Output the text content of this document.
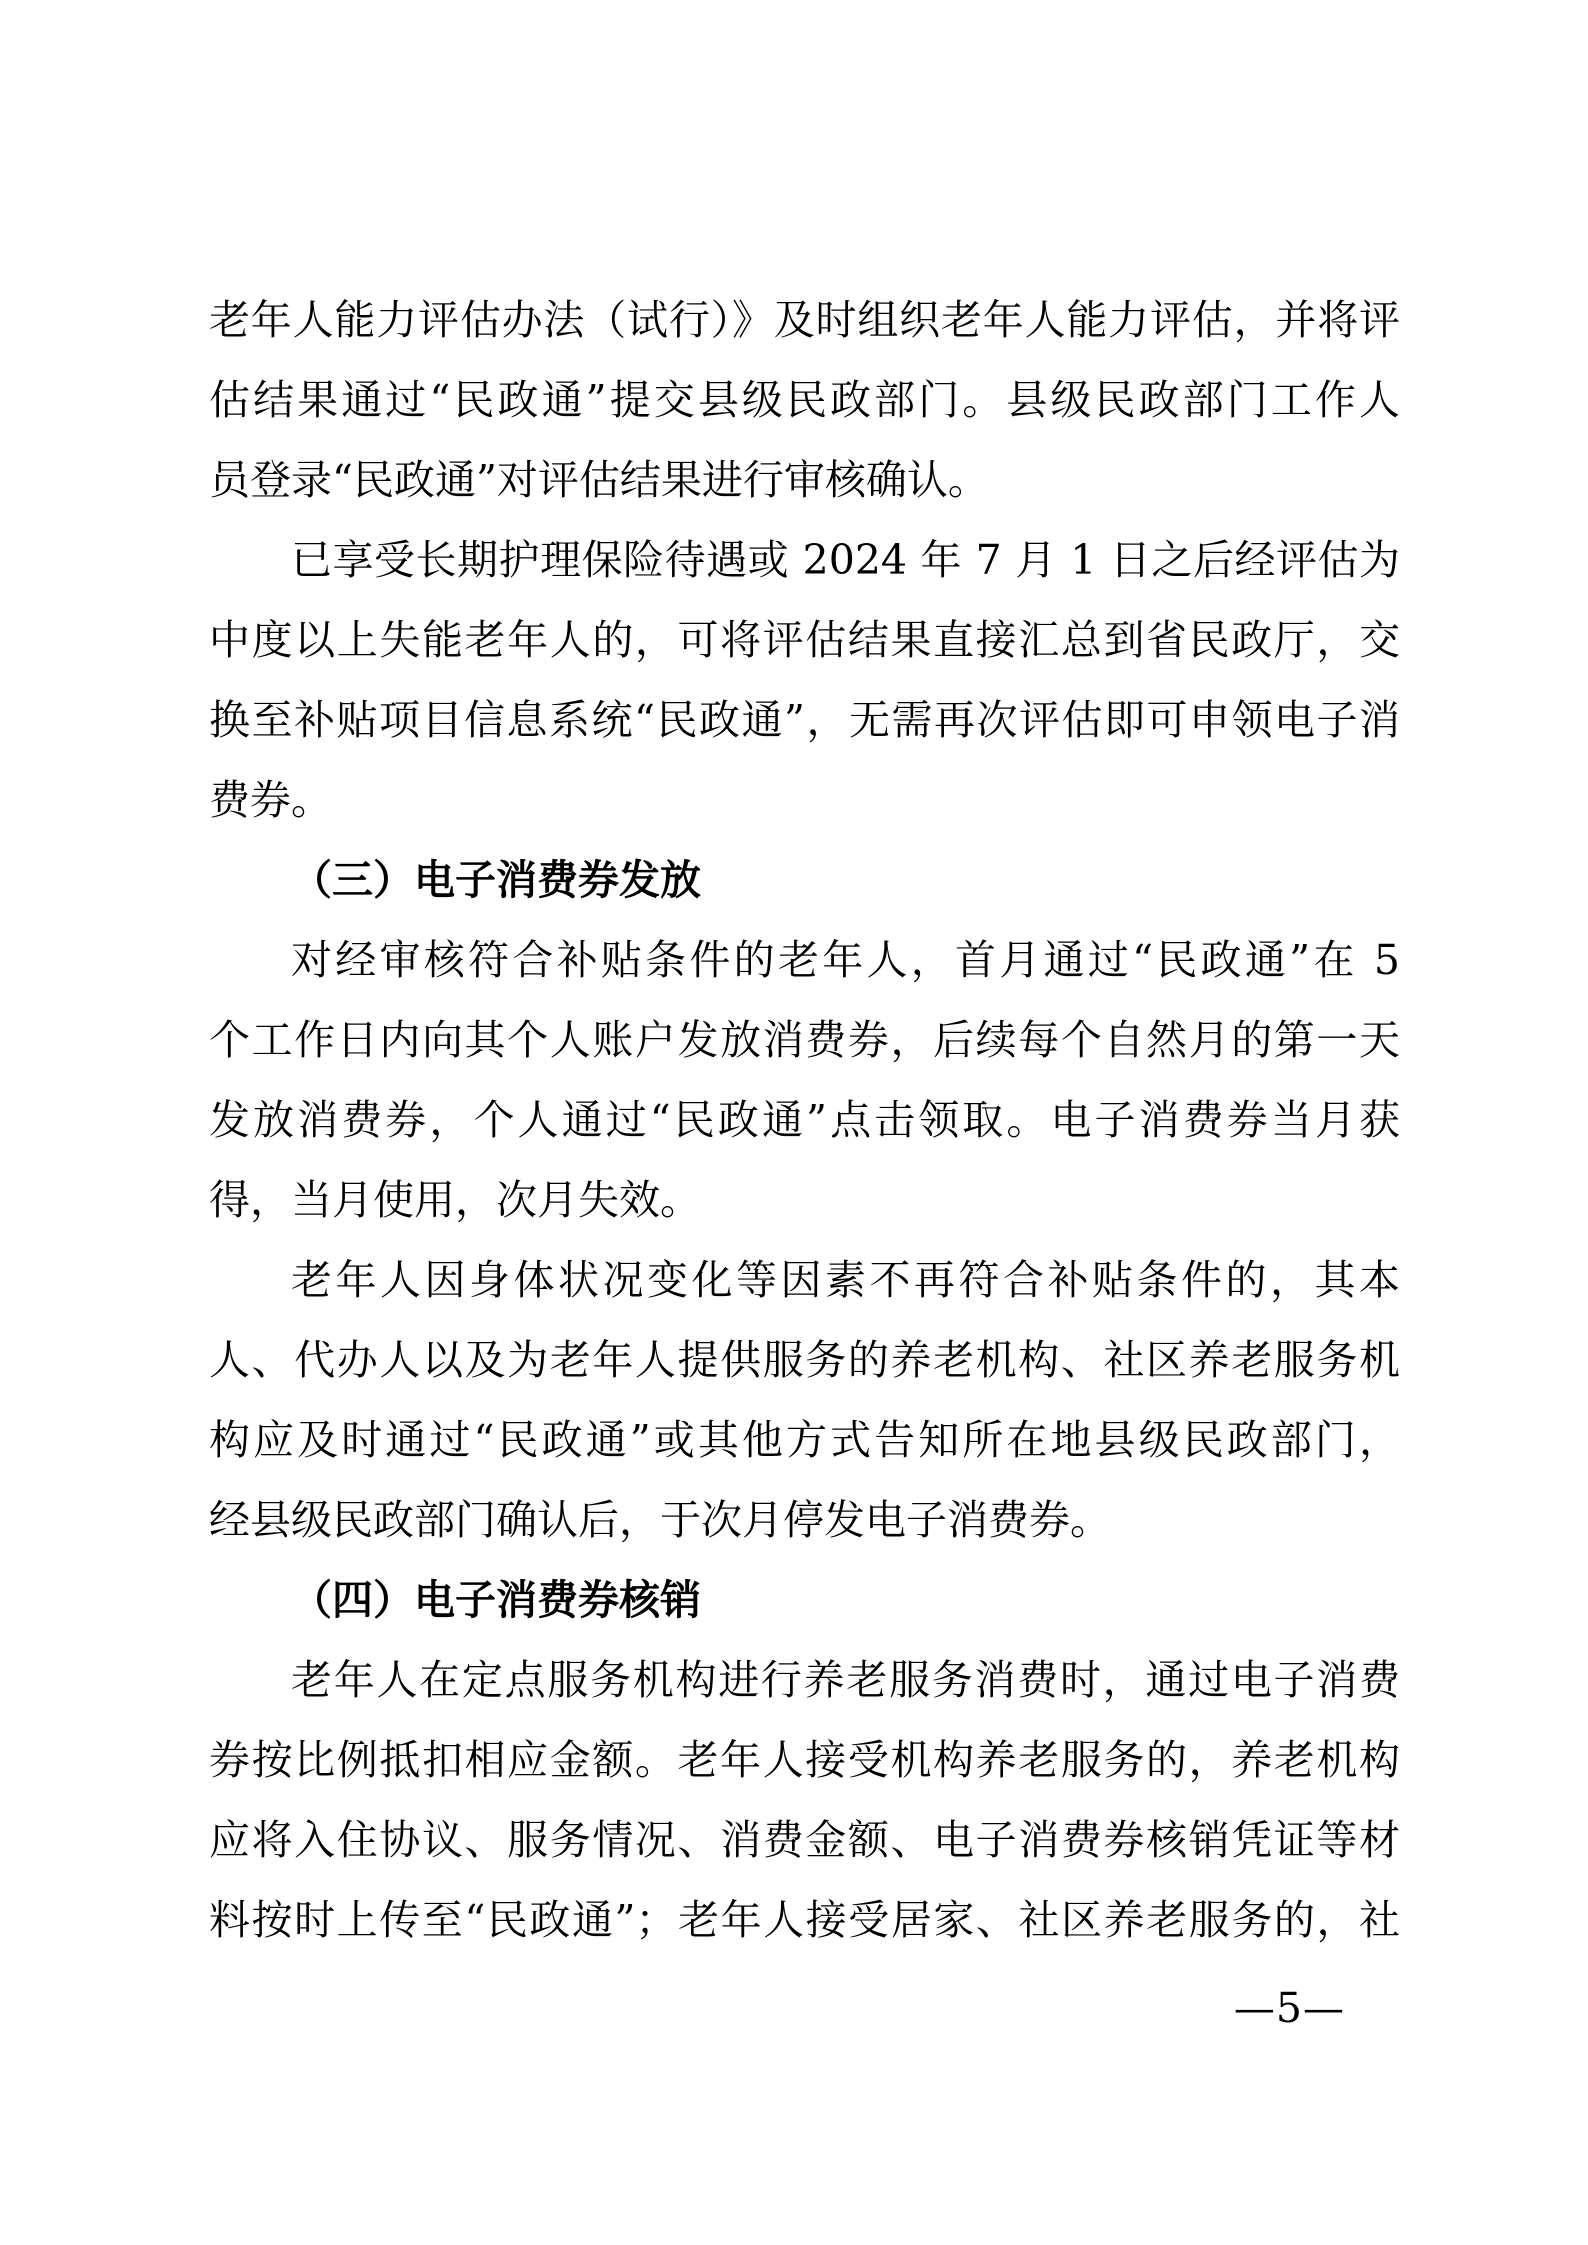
老年人能力评估办法（试行）》及时组织老年人能力评估，并将评
估结果通过“民政通”提交县级民政部门。县级民政部门工作人
员登录“民政通”对评估结果进行审核确认。
已享受长期护理保险待遇或 2024 年 7 月 1 日之后经评估为
中度以上失能老年人的，可将评估结果直接汇总到省民政厅，交
换至补贴项目信息系统“民政通”，无需再次评估即可申领电子消
费券。
（三）电子消费券发放
对经审核符合补贴条件的老年人，首月通过“民政通”在 5
个工作日内向其个人账户发放消费券，后续每个自然月的第一天
发放消费券，个人通过“民政通”点击领取。电子消费券当月获
得，当月使用，次月失效。
老年人因身体状况变化等因素不再符合补贴条件的，其本
人、代办人以及为老年人提供服务的养老机构、社区养老服务机
构应及时通过“民政通”或其他方式告知所在地县级民政部门，
经县级民政部门确认后，于次月停发电子消费券。
（四）电子消费券核销
老年人在定点服务机构进行养老服务消费时，通过电子消费
券按比例抵扣相应金额。老年人接受机构养老服务的，养老机构
应将入住协议、服务情况、消费金额、电子消费券核销凭证等材
料按时上传至“民政通”；老年人接受居家、社区养老服务的，社
—5—
